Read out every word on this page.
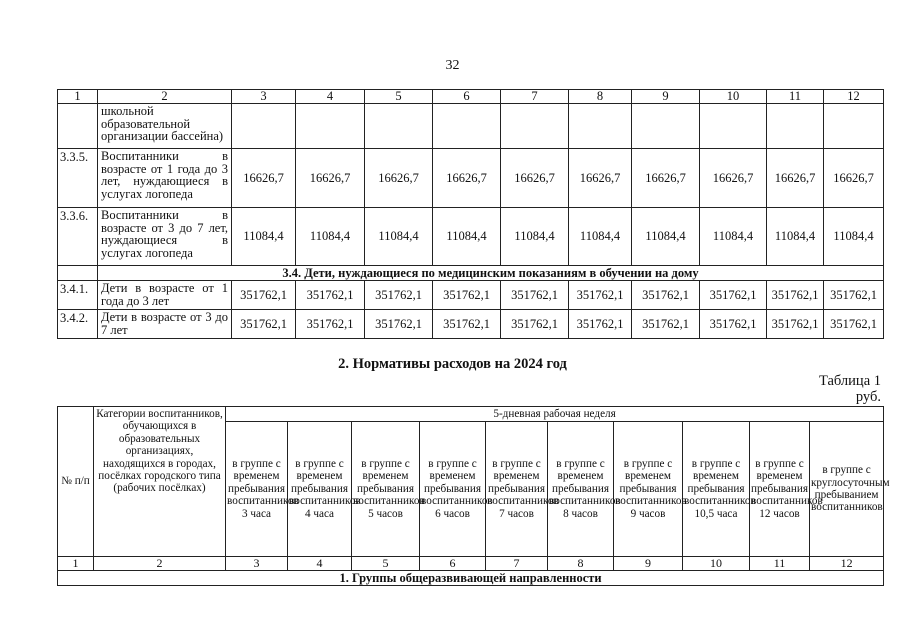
32
1	2	3	4	5	6	7	8	9	10	11	12
	школьной образовательной организации бассейна)										
3.3.5.	Воспитанники в возрасте от 1 года до 3 лет, нуждающиеся в услугах логопеда	16626,7	16626,7	16626,7	16626,7	16626,7	16626,7	16626,7	16626,7	16626,7	16626,7
3.3.6.	Воспитанники в возрасте от 3 до 7 лет, нуждающиеся в услугах логопеда	11084,4	11084,4	11084,4	11084,4	11084,4	11084,4	11084,4	11084,4	11084,4	11084,4
	3.4. Дети, нуждающиеся по медицинским показаниям в обучении на дому										
3.4.1.	Дети в возрасте от 1 года до 3 лет	351762,1	351762,1	351762,1	351762,1	351762,1	351762,1	351762,1	351762,1	351762,1	351762,1
3.4.2.	Дети в возрасте от 3 до 7 лет	351762,1	351762,1	351762,1	351762,1	351762,1	351762,1	351762,1	351762,1	351762,1	351762,1
2. Нормативы расходов на 2024 год
Таблица 1
руб.
№ п/п	Категории воспитанников, обучающихся в образовательных организациях, находящихся в городах, посёлках городского типа (рабочих посёлках)	5-дневная рабочая неделя									
		в группе с временем пребывания воспитанников 3 часа	в группе с временем пребывания воспитанников 4 часа	в группе с временем пребывания воспитанников 5 часов	в группе с временем пребывания воспитанников 6 часов	в группе с временем пребывания воспитанников 7 часов	в группе с временем пребывания воспитанников 8 часов	в группе с временем пребывания воспитанников 9 часов	в группе с временем пребывания воспитанников 10,5 часа	в группе с временем пребывания воспитанников 12 часов	в группе с круглосуточным пребыванием воспитанников
1	2	3	4	5	6	7	8	9	10	11	12
1. Группы общеразвивающей направленности											
